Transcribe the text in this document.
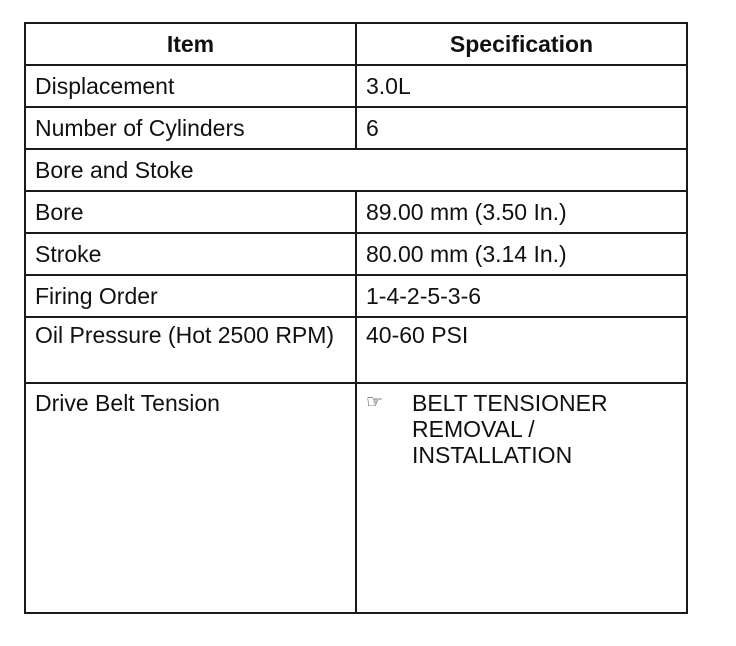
Item	Specification
Displacement	3.0L
Number of Cylinders	6
Bore and Stoke	
Bore	89.00 mm (3.50 In.)
Stroke	80.00 mm (3.14 In.)
Firing Order	1-4-2-5-3-6
Oil Pressure (Hot 2500 RPM)	40-60 PSI
Drive Belt Tension	☞ BELT TENSIONER REMOVAL / INSTALLATION
